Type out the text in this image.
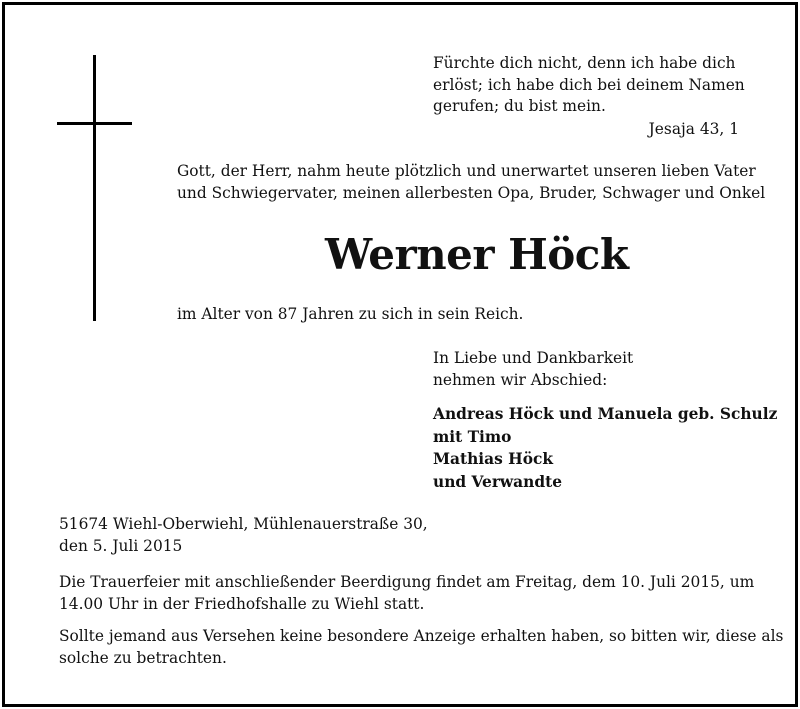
Fürchte dich nicht, denn ich habe dich
erlöst; ich habe dich bei deinem Namen
gerufen; du bist mein.
Jesaja 43, 1
Gott, der Herr, nahm heute plötzlich und unerwartet unseren lieben Vater
und Schwiegervater, meinen allerbesten Opa, Bruder, Schwager und Onkel
Werner Höck
im Alter von 87 Jahren zu sich in sein Reich.
In Liebe und Dankbarkeit
nehmen wir Abschied:
Andreas Höck und Manuela geb. Schulz
mit Timo
Mathias Höck
und Verwandte
51674 Wiehl-Oberwiehl, Mühlenauerstraße 30,
den 5. Juli 2015
Die Trauerfeier mit anschließender Beerdigung findet am Freitag, dem 10. Juli 2015, um
14.00 Uhr in der Friedhofshalle zu Wiehl statt.
Sollte jemand aus Versehen keine besondere Anzeige erhalten haben, so bitten wir, diese als
solche zu betrachten.
